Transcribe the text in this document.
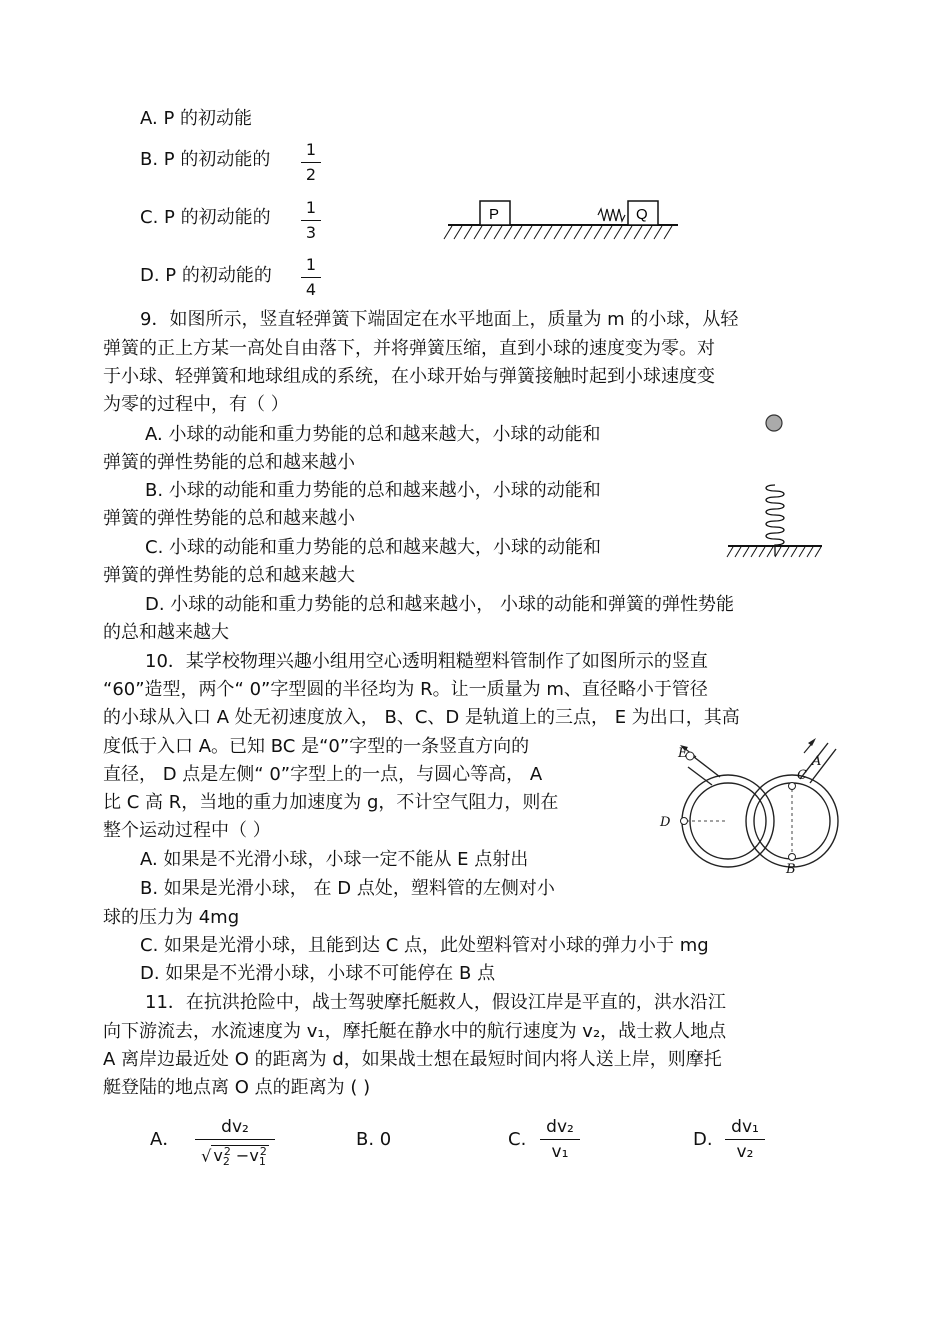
A. P 的初动能
B. P 的初动能的	1
2
C. P 的初动能的	1
3
D. P 的初动能的
1
4
P	Q
9．如图所示，竖直轻弹簧下端固定在水平地面上，质量为 m 的小球，从轻
弹簧的正上方某一高处自由落下，并将弹簧压缩，直到小球的速度变为零。对
于小球、轻弹簧和地球组成的系统，在小球开始与弹簧接触时起到小球速度变
为零的过程中，有（ ）
A. 小球的动能和重力势能的总和越来越大，小球的动能和
弹簧的弹性势能的总和越来越小
B. 小球的动能和重力势能的总和越来越小，小球的动能和
弹簧的弹性势能的总和越来越小
C. 小球的动能和重力势能的总和越来越大，小球的动能和
弹簧的弹性势能的总和越来越大
D. 小球的动能和重力势能的总和越来越小， 小球的动能和弹簧的弹性势能
的总和越来越大
10．某学校物理兴趣小组用空心透明粗糙塑料管制作了如图所示的竖直
“60”造型，两个“ 0”字型圆的半径均为 R。让一质量为 m、直径略小于管径
的小球从入口 A 处无初速度放入， B、C、D 是轨道上的三点， E 为出口，其高
度低于入口 A。已知 BC 是“0”字型的一条竖直方向的
直径， D 点是左侧“ 0”字型上的一点，与圆心等高， A
比 C 高 R，当地的重力加速度为 g，不计空气阻力，则在
整个运动过程中（ ）
A. 如果是不光滑小球，小球一定不能从 E 点射出
B. 如果是光滑小球， 在 D 点处，塑料管的左侧对小
球的压力为 4mg
C. 如果是光滑小球，且能到达 C 点，此处塑料管对小球的弹力小于 mg
D. 如果是不光滑小球，小球不可能停在 B 点
E
A
C
D
B
11．在抗洪抢险中，战士驾驶摩托艇救人，假设江岸是平直的，洪水沿江
向下游流去，水流速度为 v₁，摩托艇在静水中的航行速度为 v₂，战士救人地点
A 离岸边最近处 O 的距离为 d，如果战士想在最短时间内将人送上岸，则摩托
艇登陆的地点离 O 点的距离为 ( )
A．
dv₂
√ $v_2^2 -v_1^2$
B. 0	C.
dv₂
v₁
D.
dv₁
v₂
